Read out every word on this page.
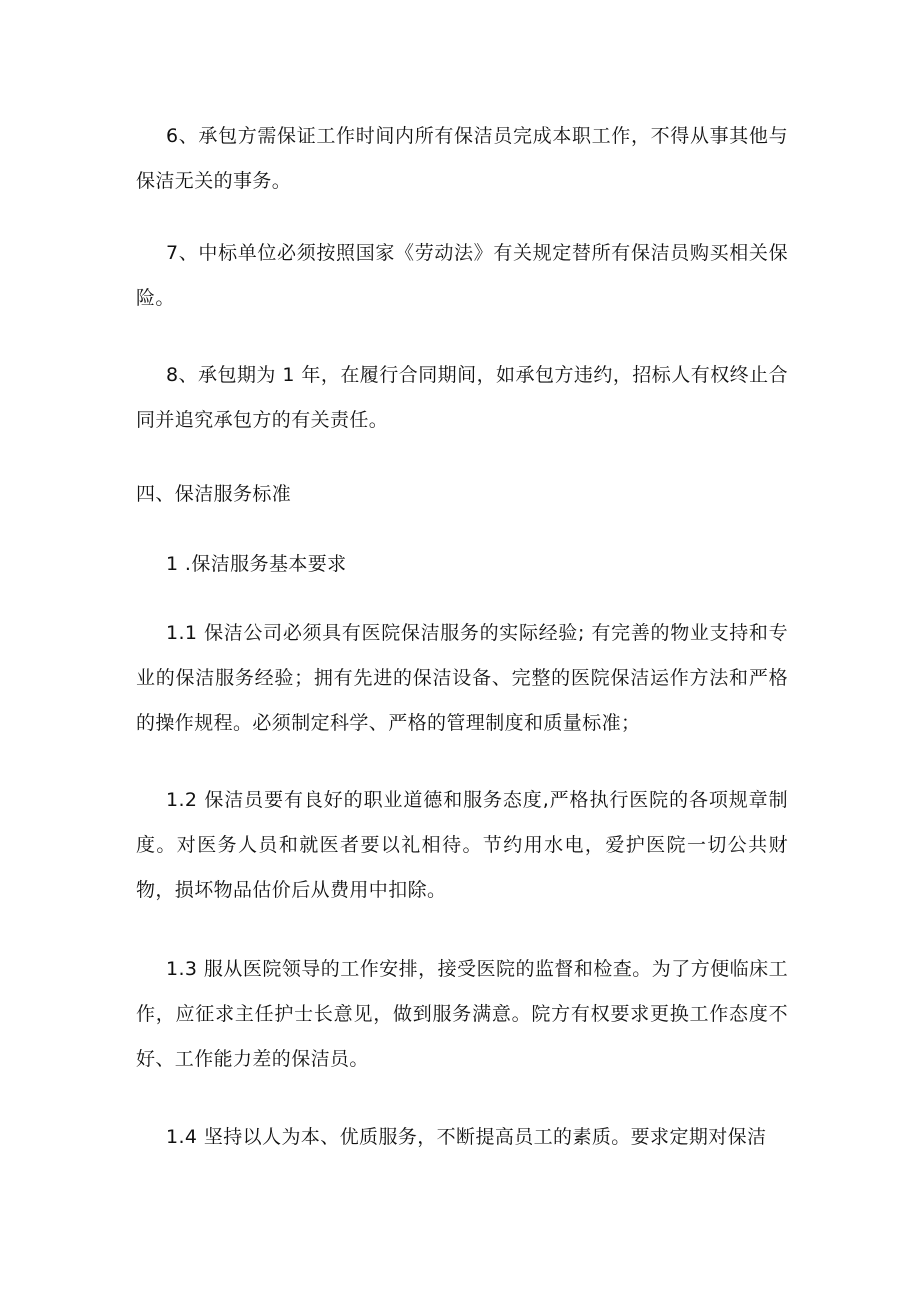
6、承包方需保证工作时间内所有保洁员完成本职工作，不得从事其他与保洁无关的事务。

7、中标单位必须按照国家《劳动法》有关规定替所有保洁员购买相关保险。

8、承包期为 1 年，在履行合同期间，如承包方违约，招标人有权终止合同并追究承包方的有关责任。

四、保洁服务标准

1 .保洁服务基本要求

1.1 保洁公司必须具有医院保洁服务的实际经验; 有完善的物业支持和专业的保洁服务经验；拥有先进的保洁设备、完整的医院保洁运作方法和严格的操作规程。必须制定科学、严格的管理制度和质量标准；

1.2 保洁员要有良好的职业道德和服务态度,严格执行医院的各项规章制度。对医务人员和就医者要以礼相待。节约用水电，爱护医院一切公共财物，损坏物品估价后从费用中扣除。

1.3 服从医院领导的工作安排，接受医院的监督和检查。为了方便临床工作，应征求主任护士长意见，做到服务满意。院方有权要求更换工作态度不好、工作能力差的保洁员。

1.4 坚持以人为本、优质服务，不断提高员工的素质。要求定期对保洁
